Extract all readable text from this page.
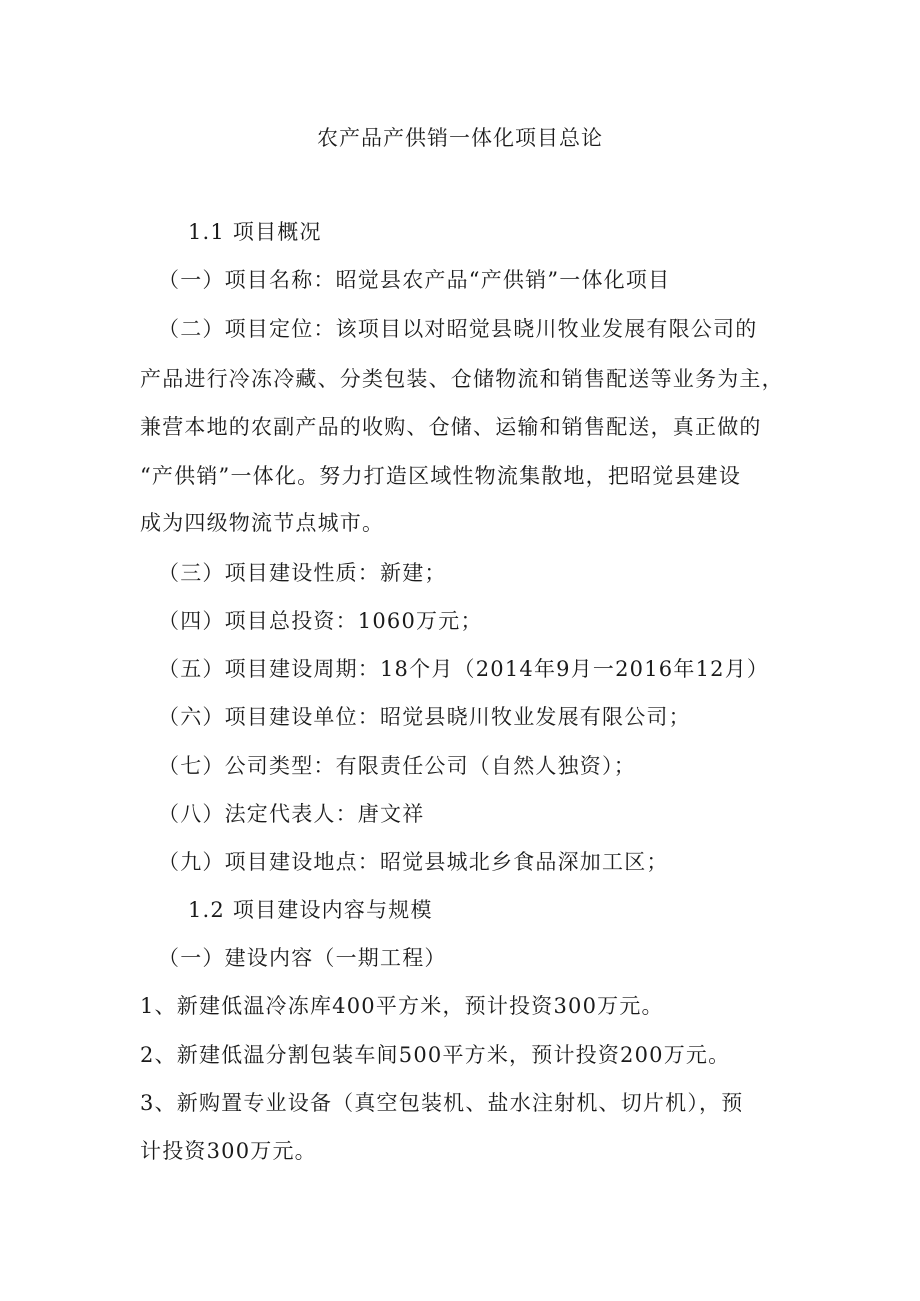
农产品产供销一体化项目总论
1.1 项目概况
（一）项目名称：昭觉县农产品“产供销”一体化项目
（二）项目定位：该项目以对昭觉县晓川牧业发展有限公司的
产品进行冷冻冷藏、分类包装、仓储物流和销售配送等业务为主，
兼营本地的农副产品的收购、仓储、运输和销售配送，真正做的
“产供销”一体化。努力打造区域性物流集散地，把昭觉县建设
成为四级物流节点城市。
（三）项目建设性质：新建；
（四）项目总投资：1060万元；
（五）项目建设周期：18个月（2014年9月一2016年12月）
（六）项目建设单位：昭觉县晓川牧业发展有限公司；
（七）公司类型：有限责任公司（自然人独资）；
（八）法定代表人：唐文祥
（九）项目建设地点：昭觉县城北乡食品深加工区；
1.2 项目建设内容与规模
（一）建设内容（一期工程）
1、新建低温冷冻库400平方米，预计投资300万元。
2、新建低温分割包装车间500平方米，预计投资200万元。
3、新购置专业设备（真空包装机、盐水注射机、切片机），预
计投资300万元。
